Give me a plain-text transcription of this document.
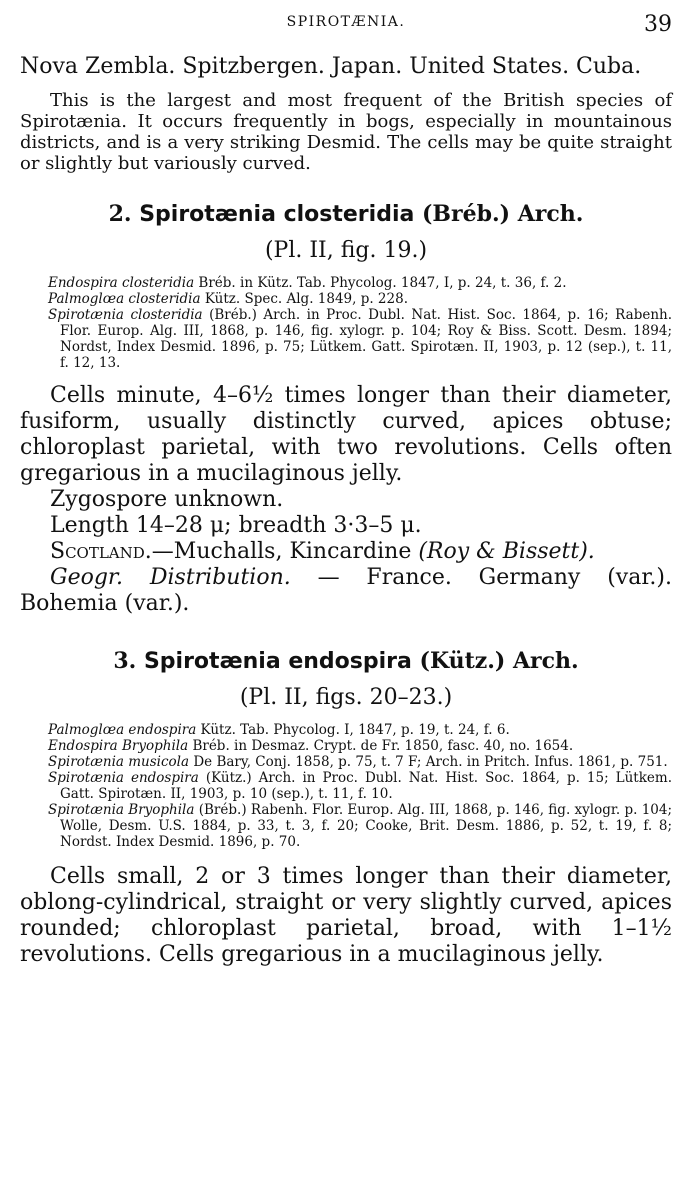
SPIROTÆNIA.	39

Nova Zembla. Spitzbergen. Japan. United States. Cuba.

This is the largest and most frequent of the British species of Spirotænia. It occurs frequently in bogs, especially in mountainous districts, and is a very striking Desmid. The cells may be quite straight or slightly but variously curved.

2. Spirotænia closteridia (Bréb.) Arch.

(Pl. II, fig. 19.)

Endospira closteridia Bréb. in Kütz. Tab. Phycolog. 1847, I, p. 24, t. 36, f. 2.

Palmoglœa closteridia Kütz. Spec. Alg. 1849, p. 228.

Spirotænia closteridia (Bréb.) Arch. in Proc. Dubl. Nat. Hist. Soc. 1864, p. 16; Rabenh. Flor. Europ. Alg. III, 1868, p. 146, fig. xylogr. p. 104; Roy & Biss. Scott. Desm. 1894; Nordst, Index Desmid. 1896, p. 75; Lütkem. Gatt. Spirotæn. II, 1903, p. 12 (sep.), t. 11, f. 12, 13.

Cells minute, 4–6½ times longer than their diameter, fusiform, usually distinctly curved, apices obtuse; chloroplast parietal, with two revolutions. Cells often gregarious in a mucilaginous jelly.

Zygospore unknown.

Length 14–28 μ; breadth 3·3–5 μ.

Scotland.—Muchalls, Kincardine (Roy & Bissett).

Geogr. Distribution. — France. Germany (var.). Bohemia (var.).

3. Spirotænia endospira (Kütz.) Arch.

(Pl. II, figs. 20–23.)

Palmoglœa endospira Kütz. Tab. Phycolog. I, 1847, p. 19, t. 24, f. 6.

Endospira Bryophila Bréb. in Desmaz. Crypt. de Fr. 1850, fasc. 40, no. 1654.

Spirotænia musicola De Bary, Conj. 1858, p. 75, t. 7 F; Arch. in Pritch. Infus. 1861, p. 751.

Spirotænia endospira (Kütz.) Arch. in Proc. Dubl. Nat. Hist. Soc. 1864, p. 15; Lütkem. Gatt. Spirotæn. II, 1903, p. 10 (sep.), t. 11, f. 10.

Spirotænia Bryophila (Bréb.) Rabenh. Flor. Europ. Alg. III, 1868, p. 146, fig. xylogr. p. 104; Wolle, Desm. U.S. 1884, p. 33, t. 3, f. 20; Cooke, Brit. Desm. 1886, p. 52, t. 19, f. 8; Nordst. Index Desmid. 1896, p. 70.

Cells small, 2 or 3 times longer than their diameter, oblong-cylindrical, straight or very slightly curved, apices rounded; chloroplast parietal, broad, with 1–1½ revolutions. Cells gregarious in a mucilaginous jelly.
